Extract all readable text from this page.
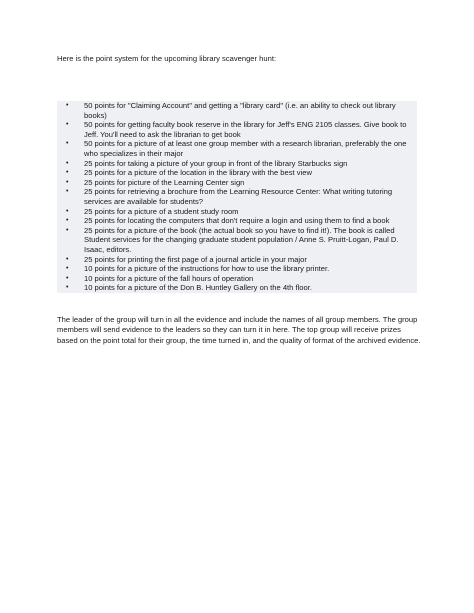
Here is the point system for the upcoming library scavenger hunt:

• 50 points for "Claiming Account" and getting a "library card" (i.e. an ability to check out library books)
• 50 points for getting faculty book reserve in the library for Jeff's ENG 2105 classes. Give book to Jeff. You'll need to ask the librarian to get book
• 50 points for a picture of at least one group member with a research librarian, preferably the one who specializes in their major
• 25 points for taking a picture of your group in front of the library Starbucks sign
• 25 points for a picture of the location in the library with the best view
• 25 points for picture of the Learning Center sign
• 25 points for retrieving a brochure from the Learning Resource Center: What writing tutoring services are available for students?
• 25 points for a picture of a student study room
• 25 points for locating the computers that don't require a login and using them to find a book
• 25 points for a picture of the book (the actual book so you have to find it!). The book is called Student services for the changing graduate student population / Anne S. Pruitt-Logan, Paul D. Isaac, editors.
• 25 points for printing the first page of a journal article in your major
• 10 points for a picture of the instructions for how to use the library printer.
• 10 points for a picture of the fall hours of operation
• 10 points for a picture of the Don B. Huntley Gallery on the 4th floor.

The leader of the group will turn in all the evidence and include the names of all group members. The group members will send evidence to the leaders so they can turn it in here. The top group will receive prizes based on the point total for their group, the time turned in, and the quality of format of the archived evidence.
